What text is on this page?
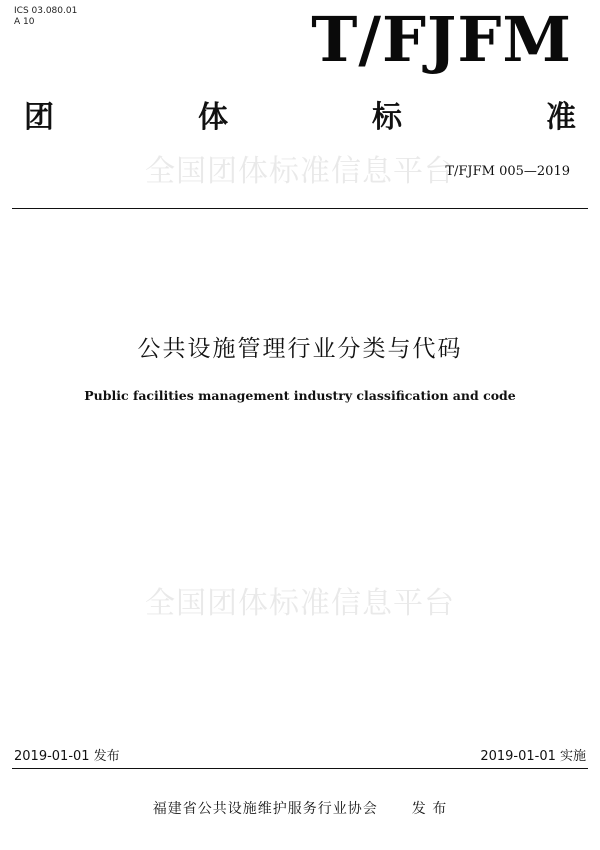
ICS 03.080.01
A 10	T/FJFM
团	体	标	准
全国团体标准信息平台
T/FJFM 005—2019
公共设施管理行业分类与代码
Public facilities management industry classification and code
全国团体标准信息平台
2019-01-01 发布	2019-01-01 实施
福建省公共设施维护服务行业协会 发 布
